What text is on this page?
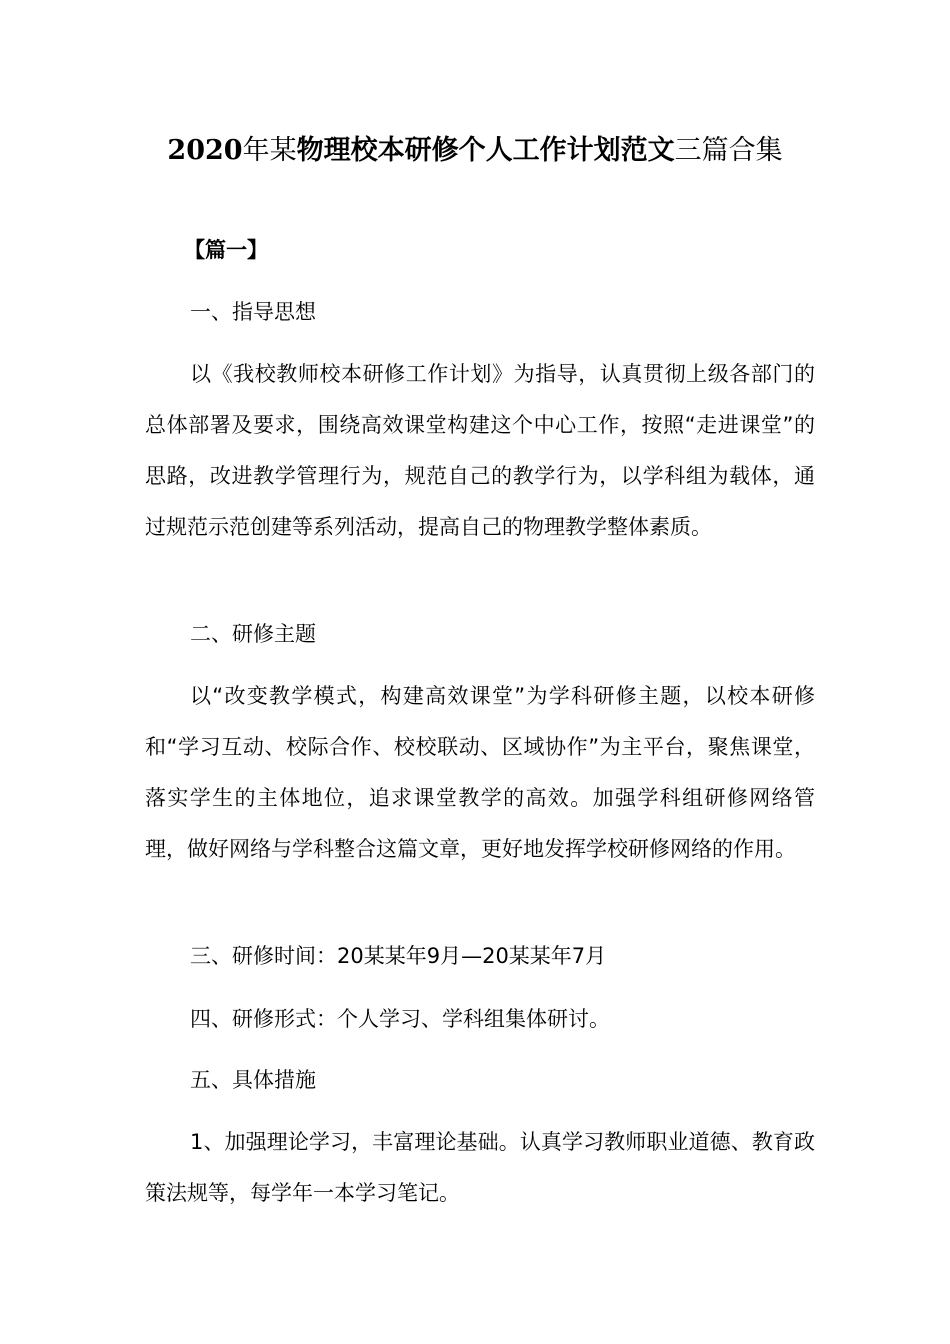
2020年某物理校本研修个人工作计划范文三篇合集
【篇一】
一、指导思想
以《我校教师校本研修工作计划》为指导，认真贯彻上级各部门的总体部署及要求，围绕高效课堂构建这个中心工作，按照“走进课堂”的思路，改进教学管理行为，规范自己的教学行为，以学科组为载体，通过规范示范创建等系列活动，提高自己的物理教学整体素质。
二、研修主题
以“改变教学模式，构建高效课堂”为学科研修主题，以校本研修和“学习互动、校际合作、校校联动、区域协作”为主平台，聚焦课堂，落实学生的主体地位，追求课堂教学的高效。加强学科组研修网络管理，做好网络与学科整合这篇文章，更好地发挥学校研修网络的作用。
三、研修时间：20某某年9月—20某某年7月
四、研修形式：个人学习、学科组集体研讨。
五、具体措施
1、加强理论学习，丰富理论基础。认真学习教师职业道德、教育政策法规等，每学年一本学习笔记。
